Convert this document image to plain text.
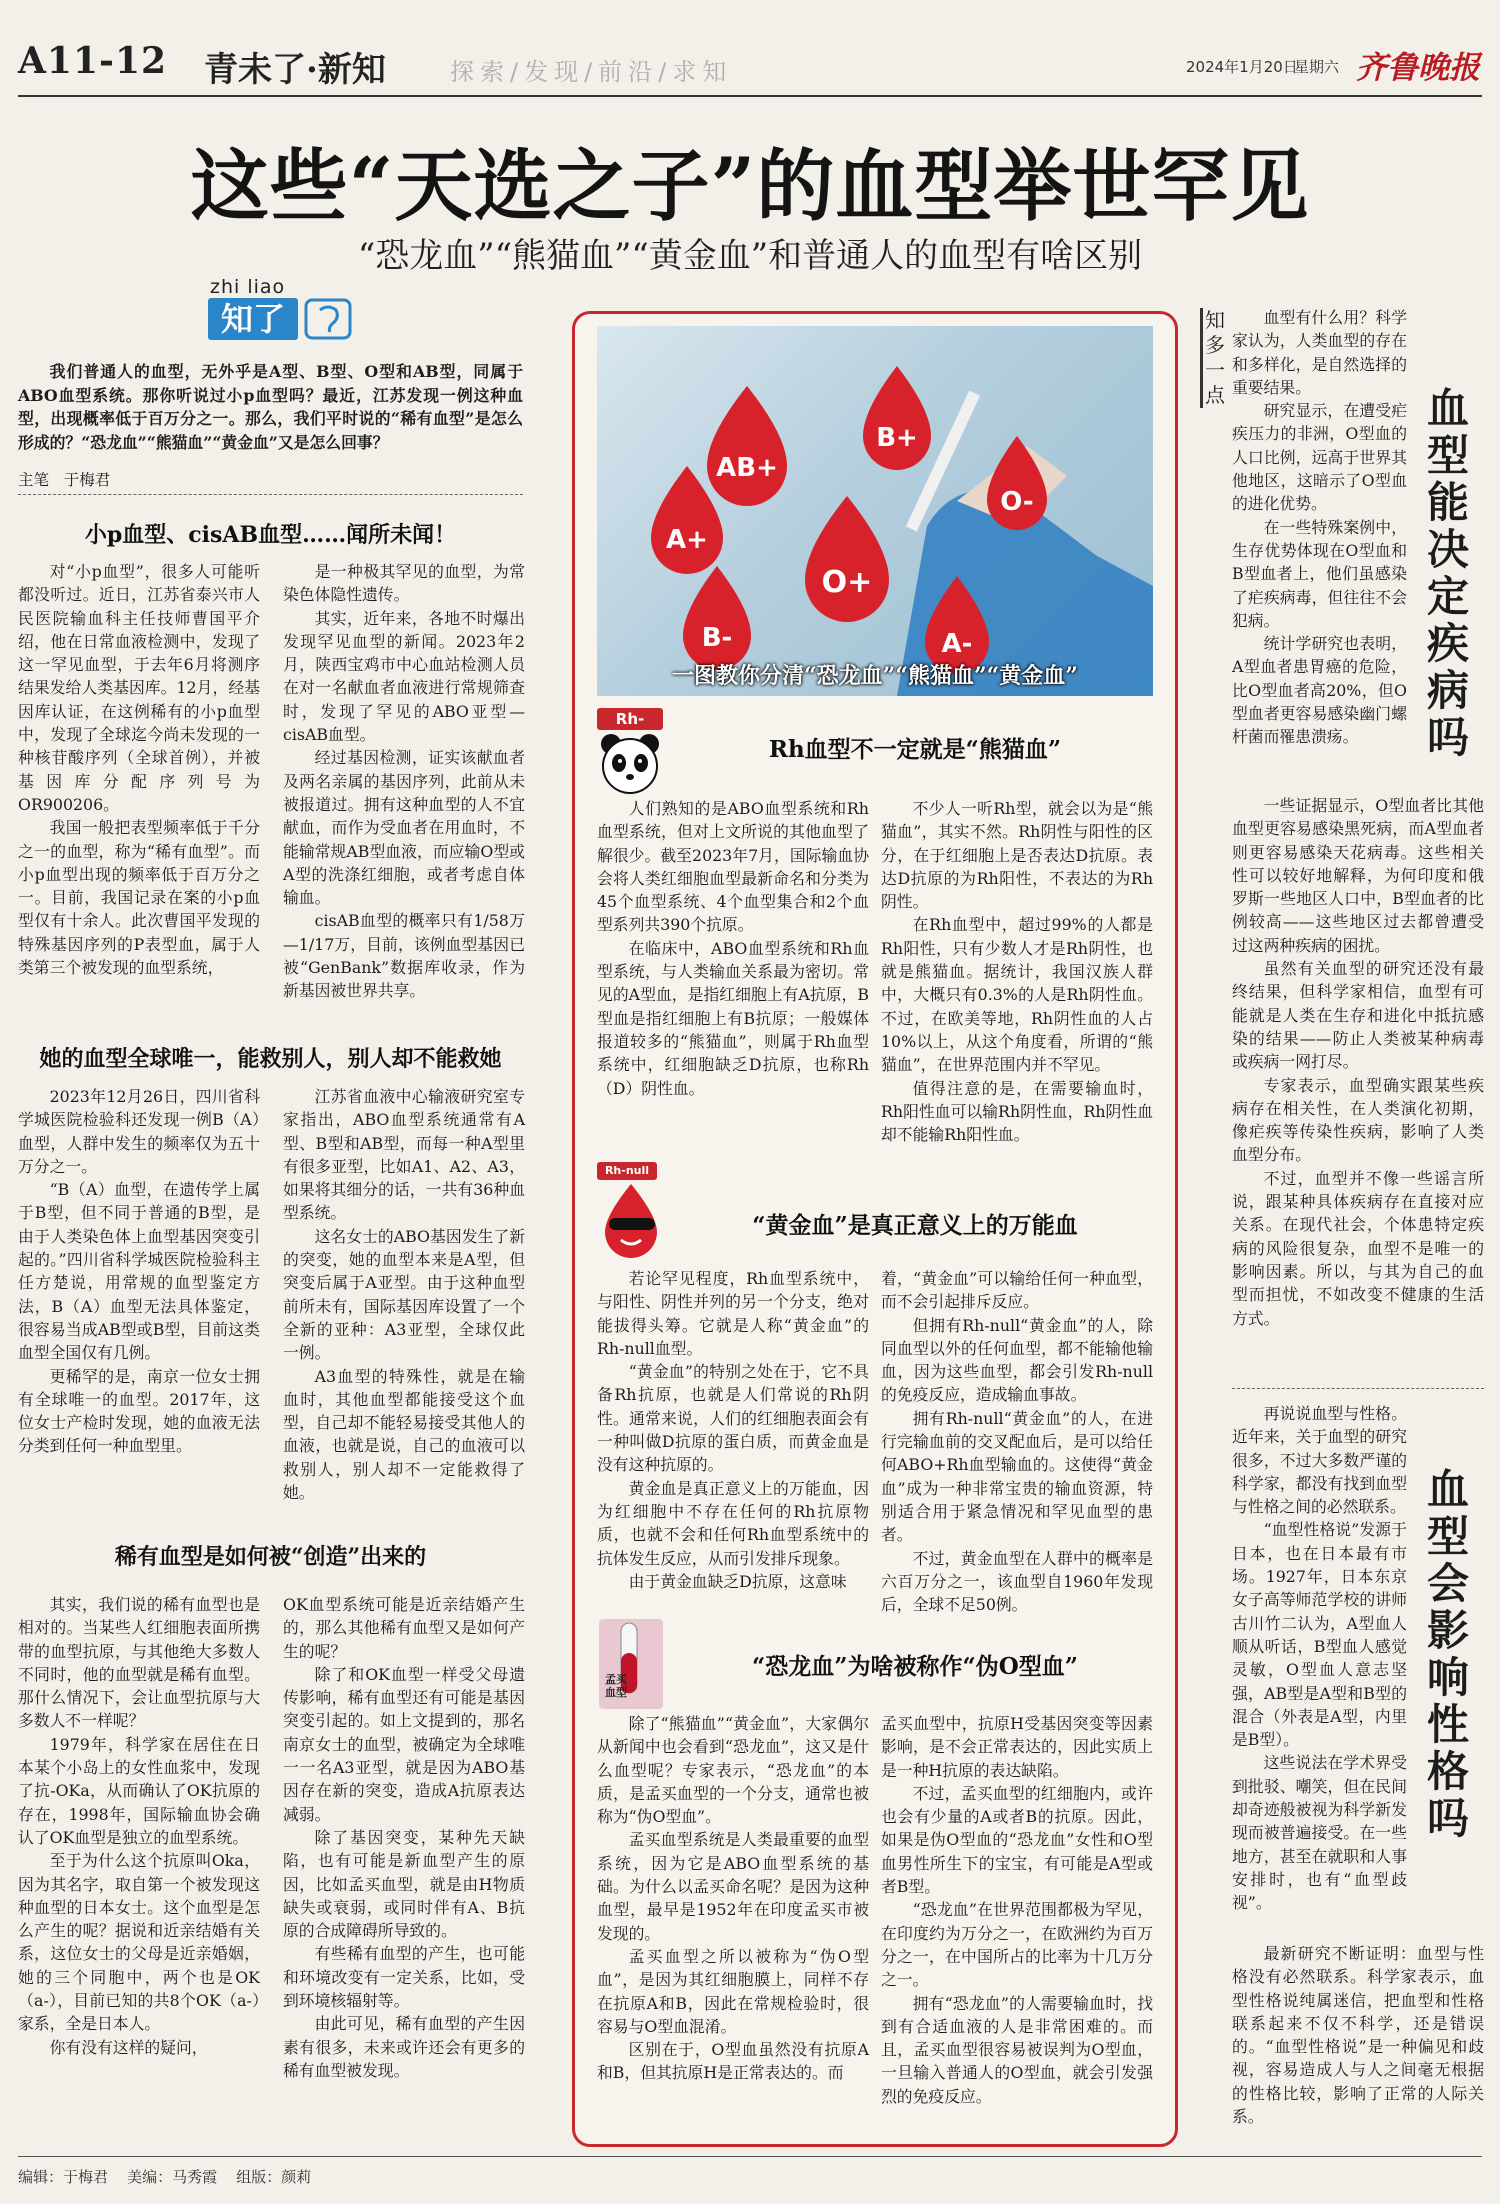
A11-12 青未了·新知	探索/发现/前沿/求知	2024年1月20日
星期六 齐鲁晚报
这些“天选之子”的血型举世罕见
“恐龙血”“熊猫血”“黄金血”和普通人的血型有啥区别
zhi liao
知了

我们普通人的血型，无外乎是A型、B型、O型和AB型，同属于ABO血型系统。那你听说过小p血型吗？最近，江苏发现一例这种血型，出现概率低于百万分之一。那么，我们平时说的“稀有血型”是怎么形成的？“恐龙血”“熊猫血”“黄金血”又是怎么回事？

主笔 于梅君
小p血型、cisAB血型……闻所未闻！

对“小p血型”，很多人可能听都没听过。近日，江苏省泰兴市人民医院输血科主任技师曹国平介绍，他在日常血液检测中，发现了这一罕见血型，于去年6月将测序结果发给人类基因库。12月，经基因库认证，在这例稀有的小p血型中，发现了全球迄今尚未发现的一种核苷酸序列（全球首例），并被基因库分配序列号为OR900206。

我国一般把表型频率低于千分之一的血型，称为“稀有血型”。而小p血型出现的频率低于百万分之一。目前，我国记录在案的小p血型仅有十余人。此次曹国平发现的特殊基因序列的P表型血，属于人类第三个被发现的血型系统，

是一种极其罕见的血型，为常染色体隐性遗传。

其实，近年来，各地不时爆出发现罕见血型的新闻。2023年2月，陕西宝鸡市中心血站检测人员在对一名献血者血液进行常规筛查时，发现了罕见的ABO亚型—cisAB血型。

经过基因检测，证实该献血者及两名亲属的基因序列，此前从未被报道过。拥有这种血型的人不宜献血，而作为受血者在用血时，不能输常规AB型血液，而应输O型或A型的洗涤红细胞，或者考虑自体输血。

cisAB血型的概率只有1/58万—1/17万，目前，该例血型基因已被“GenBank”数据库收录，作为新基因被世界共享。

她的血型全球唯一，能救别人，别人却不能救她

2023年12月26日，四川省科学城医院检验科还发现一例B（A）血型，人群中发生的频率仅为五十万分之一。

“B（A）血型，在遗传学上属于B型，但不同于普通的B型，是由于人类染色体上血型基因突变引起的。”四川省科学城医院检验科主任方楚说，用常规的血型鉴定方法，B（A）血型无法具体鉴定，很容易当成AB型或B型，目前这类血型全国仅有几例。

更稀罕的是，南京一位女士拥有全球唯一的血型。2017年，这位女士产检时发现，她的血液无法分类到任何一种血型里。

江苏省血液中心输液研究室专家指出，ABO血型系统通常有A型、B型和AB型，而每一种A型里有很多亚型，比如A1、A2、A3，如果将其细分的话，一共有36种血型系统。

这名女士的ABO基因发生了新的突变，她的血型本来是A型，但突变后属于A亚型。由于这种血型前所未有，国际基因库设置了一个全新的亚种：A3亚型，全球仅此一例。

A3血型的特殊性，就是在输血时，其他血型都能接受这个血型，自己却不能轻易接受其他人的血液，也就是说，自己的血液可以救别人，别人却不一定能救得了她。

稀有血型是如何被“创造”出来的

其实，我们说的稀有血型也是相对的。当某些人红细胞表面所携带的血型抗原，与其他绝大多数人不同时，他的血型就是稀有血型。那什么情况下，会让血型抗原与大多数人不一样呢？

1979年，科学家在居住在日本某个小岛上的女性血浆中，发现了抗-OKa，从而确认了OK抗原的存在，1998年，国际输血协会确认了OK血型是独立的血型系统。

至于为什么这个抗原叫Oka，因为其名字，取自第一个被发现这种血型的日本女士。这个血型是怎么产生的呢？据说和近亲结婚有关系，这位女士的父母是近亲婚姻，她的三个同胞中，两个也是OK（a-），目前已知的共8个OK（a-）家系，全是日本人。

你有没有这样的疑问，

OK血型系统可能是近亲结婚产生的，那么其他稀有血型又是如何产生的呢？

除了和OK血型一样受父母遗传影响，稀有血型还有可能是基因突变引起的。如上文提到的，那名南京女士的血型，被确定为全球唯一一名A3亚型，就是因为ABO基因存在新的突变，造成A抗原表达减弱。

除了基因突变，某种先天缺陷，也有可能是新血型产生的原因，比如孟买血型，就是由H物质缺失或衰弱，或同时伴有A、B抗原的合成障碍所导致的。

有些稀有血型的产生，也可能和环境改变有一定关系，比如，受到环境核辐射等。

由此可见，稀有血型的产生因素有很多，未来或许还会有更多的稀有血型被发现。

AB+
B+
A+
O-
O+
B-	A-
一图教你分清“恐龙血”“熊猫血”“黄金血”
Rh-
Rh血型不一定就是“熊猫血”

人们熟知的是ABO血型系统和Rh血型系统，但对上文所说的其他血型了解很少。截至2023年7月，国际输血协会将人类红细胞血型最新命名和分类为45个血型系统、4个血型集合和2个血型系列共390个抗原。

在临床中，ABO血型系统和Rh血型系统，与人类输血关系最为密切。常见的A型血，是指红细胞上有A抗原，B型血是指红细胞上有B抗原；一般媒体报道较多的“熊猫血”，则属于Rh血型系统中，红细胞缺乏D抗原，也称Rh（D）阴性血。

不少人一听Rh型，就会以为是“熊猫血”，其实不然。Rh阴性与阳性的区分，在于红细胞上是否表达D抗原。表达D抗原的为Rh阳性，不表达的为Rh阴性。

在Rh血型中，超过99%的人都是Rh阳性，只有少数人才是Rh阴性，也就是熊猫血。据统计，我国汉族人群中，大概只有0.3%的人是Rh阴性血。不过，在欧美等地，Rh阴性血的人占10%以上，从这个角度看，所谓的“熊猫血”，在世界范围内并不罕见。

值得注意的是，在需要输血时，Rh阳性血可以输Rh阴性血，Rh阴性血却不能输Rh阳性血。

Rh-null
“黄金血”是真正意义上的万能血

若论罕见程度，Rh血型系统中，与阳性、阴性并列的另一个分支，绝对能拔得头筹。它就是人称“黄金血”的Rh-null血型。

“黄金血”的特别之处在于，它不具备Rh抗原，也就是人们常说的Rh阴性。通常来说，人们的红细胞表面会有一种叫做D抗原的蛋白质，而黄金血是没有这种抗原的。

黄金血是真正意义上的万能血，因为红细胞中不存在任何的Rh抗原物质，也就不会和任何Rh血型系统中的抗体发生反应，从而引发排斥现象。

由于黄金血缺乏D抗原，这意味

着，“黄金血”可以输给任何一种血型，而不会引起排斥反应。

但拥有Rh-null“黄金血”的人，除同血型以外的任何血型，都不能输他输血，因为这些血型，都会引发Rh-null的免疫反应，造成输血事故。

拥有Rh-null“黄金血”的人，在进行完输血前的交叉配血后，是可以给任何ABO+Rh血型输血的。这使得“黄金血”成为一种非常宝贵的输血资源，特别适合用于紧急情况和罕见血型的患者。

不过，黄金血型在人群中的概率是六百万分之一，该血型自1960年发现后，全球不足50例。

孟买血型
“恐龙血”为啥被称作“伪O型血”

除了“熊猫血”“黄金血”，大家偶尔从新闻中也会看到“恐龙血”，这又是什么血型呢？专家表示，“恐龙血”的本质，是孟买血型的一个分支，通常也被称为“伪O型血”。

孟买血型系统是人类最重要的血型系统，因为它是ABO血型系统的基础。为什么以孟买命名呢？是因为这种血型，最早是1952年在印度孟买市被发现的。

孟买血型之所以被称为“伪O型血”，是因为其红细胞膜上，同样不存在抗原A和B，因此在常规检验时，很容易与O型血混淆。

区别在于，O型血虽然没有抗原A和B，但其抗原H是正常表达的。而

孟买血型中，抗原H受基因突变等因素影响，是不会正常表达的，因此实质上是一种H抗原的表达缺陷。

不过，孟买血型的红细胞内，或许也会有少量的A或者B的抗原。因此，如果是伪O型血的“恐龙血”女性和O型血男性所生下的宝宝，有可能是A型或者B型。

“恐龙血”在世界范围都极为罕见，在印度约为万分之一，在欧洲约为百万分之一，在中国所占的比率为十几万分之一。

拥有“恐龙血”的人需要输血时，找到有合适血液的人是非常困难的。而且，孟买血型很容易被误判为O型血，一旦输入普通人的O型血，就会引发强烈的免疫反应。

知多一点

血型有什么用？科学家认为，人类血型的存在和多样化，是自然选择的重要结果。

研究显示，在遭受疟疾压力的非洲，O型血的人口比例，远高于世界其他地区，这暗示了O型血的进化优势。

在一些特殊案例中，生存优势体现在O型血和B型血者上，他们虽感染了疟疾病毒，但往往不会犯病。

统计学研究也表明，A型血者患胃癌的危险，比O型血者高20%，但O型血者更容易感染幽门螺杆菌而罹患溃疡。

血型能决定疾病吗

一些证据显示，O型血者比其他血型更容易感染黑死病，而A型血者则更容易感染天花病毒。这些相关性可以较好地解释，为何印度和俄罗斯一些地区人口中，B型血者的比例较高——这些地区过去都曾遭受过这两种疾病的困扰。

虽然有关血型的研究还没有最终结果，但科学家相信，血型有可能就是人类在生存和进化中抵抗感染的结果——防止人类被某种病毒或疾病一网打尽。

专家表示，血型确实跟某些疾病存在相关性，在人类演化初期，像疟疾等传染性疾病，影响了人类血型分布。

不过，血型并不像一些谣言所说，跟某种具体疾病存在直接对应关系。在现代社会，个体患特定疾病的风险很复杂，血型不是唯一的影响因素。所以，与其为自己的血型而担忧，不如改变不健康的生活方式。

再说说血型与性格。近年来，关于血型的研究很多，不过大多数严谨的科学家，都没有找到血型与性格之间的必然联系。

“血型性格说”发源于日本，也在日本最有市场。1927年，日本东京女子高等师范学校的讲师古川竹二认为，A型血人顺从听话，B型血人感觉灵敏，O型血人意志坚强，AB型是A型和B型的混合（外表是A型，内里是B型）。

这些说法在学术界受到批驳、嘲笑，但在民间却奇迹般被视为科学新发现而被普遍接受。在一些地方，甚至在就职和人事安排时，也有“血型歧视”。

血型会影响性格吗

最新研究不断证明：血型与性格没有必然联系。科学家表示，血型性格说纯属迷信，把血型和性格联系起来不仅不科学，还是错误的。“血型性格说”是一种偏见和歧视，容易造成人与人之间毫无根据的性格比较，影响了正常的人际关系。

编辑：于梅君 美编：马秀霞 组版：颜莉
